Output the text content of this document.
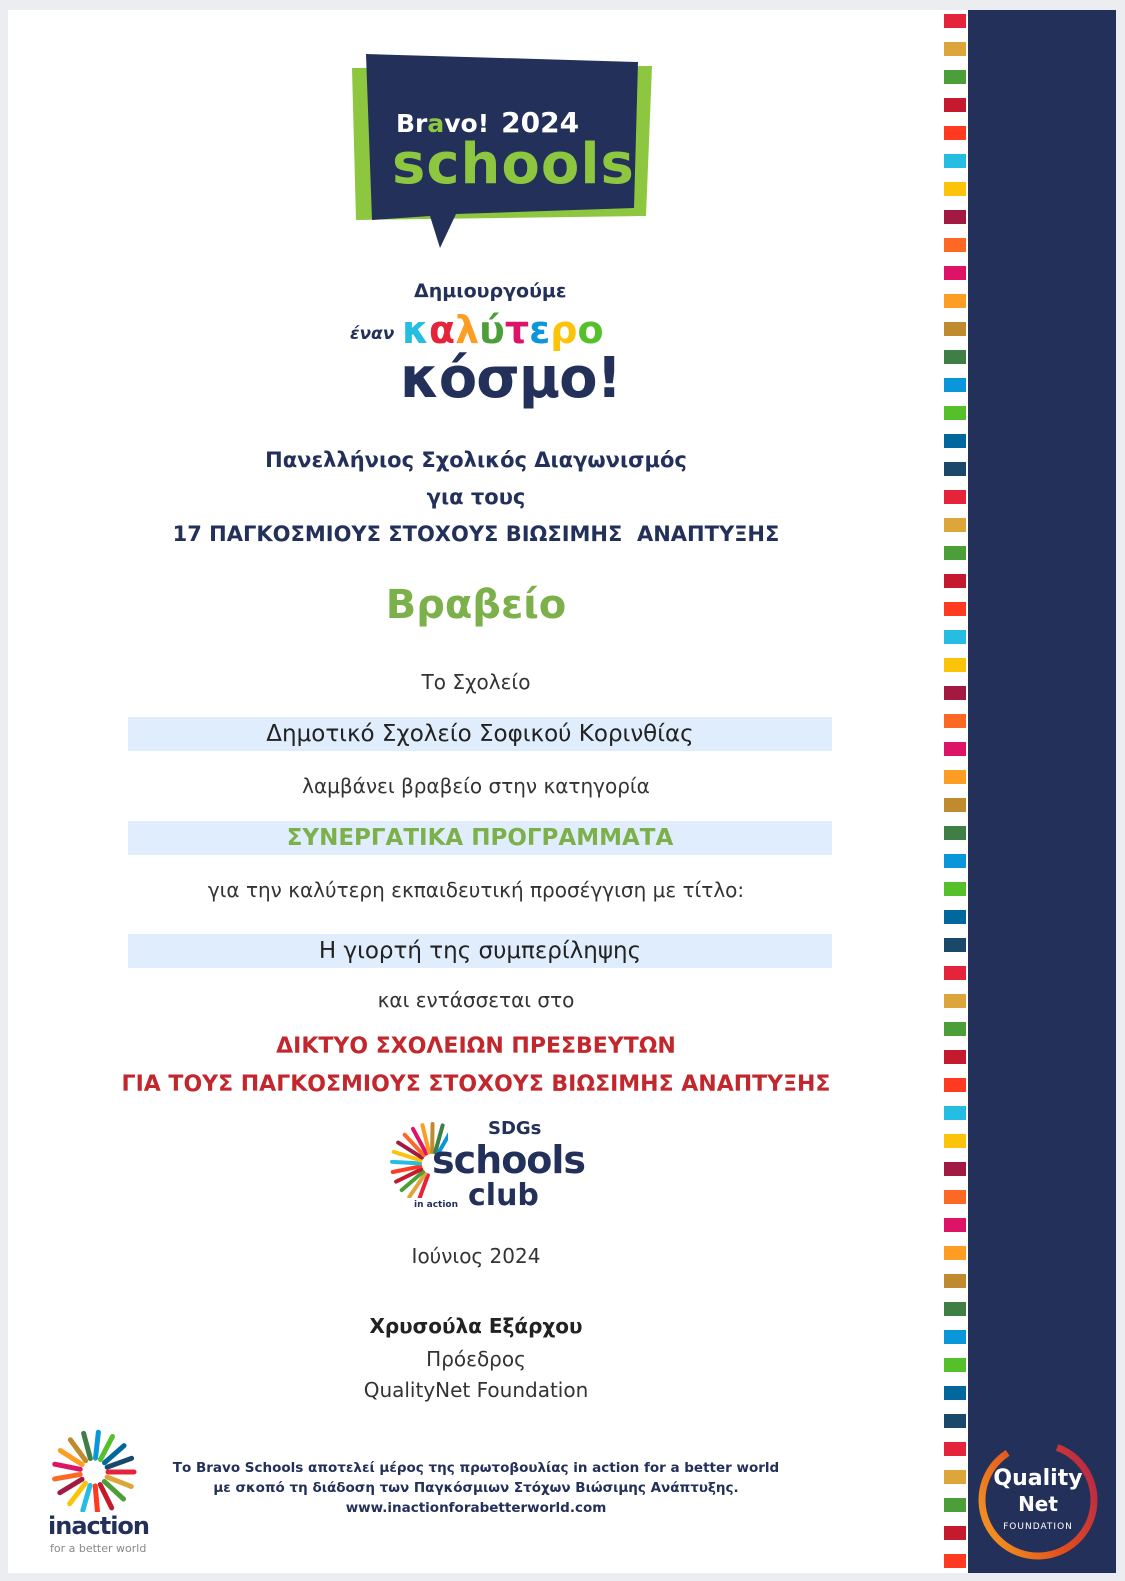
Bravo! 2024
schools
Δημιουργούμε
έναν καλύτερο
κόσμο!
Πανελλήνιος Σχολικός Διαγωνισμός
για τους
17 ΠΑΓΚΟΣΜΙΟΥΣ ΣΤΟΧΟΥΣ ΒΙΩΣΙΜΗΣ  ΑΝΑΠΤΥΞΗΣ
Βραβείο
Το Σχολείο
Δημοτικό Σχολείο Σοφικού Κορινθίας
λαμβάνει βραβείο στην κατηγορία
ΣΥΝΕΡΓΑΤΙΚΑ ΠΡΟΓΡΑΜΜΑΤΑ
για την καλύτερη εκπαιδευτική προσέγγιση με τίτλο:
Η γιορτή της συμπερίληψης
και εντάσσεται στο
ΔΙΚΤΥΟ ΣΧΟΛΕΙΩΝ ΠΡΕΣΒΕΥΤΩΝ
ΓΙΑ ΤΟΥΣ ΠΑΓΚΟΣΜΙΟΥΣ ΣΤΟΧΟΥΣ ΒΙΩΣΙΜΗΣ ΑΝΑΠΤΥΞΗΣ
SDGs
schools
club
in action
Ιούνιος 2024
Χρυσούλα Εξάρχου
Πρόεδρος
QualityNet Foundation
Το Bravo Schools αποτελεί μέρος της πρωτοβουλίας in action for a better world
με σκοπό τη διάδοση των Παγκόσμιων Στόχων Βιώσιμης Ανάπτυξης.
www.inactionforabetterworld.com
inaction
for a better world
Quality
Net
FOUNDATION
